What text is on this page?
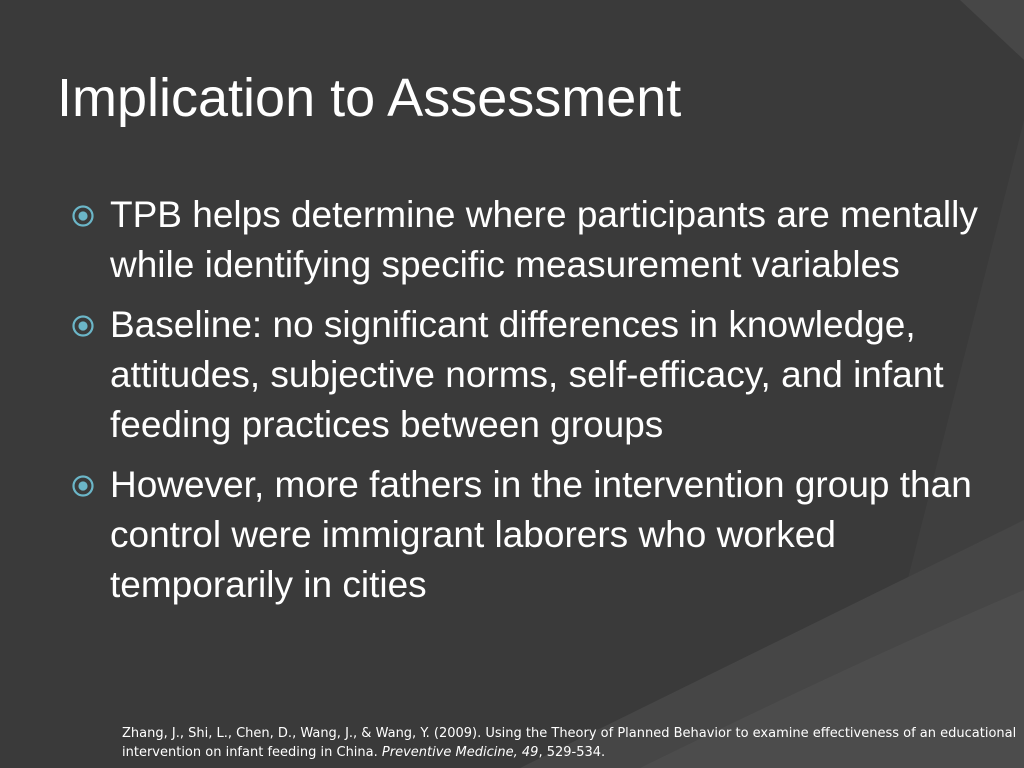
Implication to Assessment
TPB helps determine where participants are mentally while identifying specific measurement variables
Baseline: no significant differences in knowledge, attitudes, subjective norms, self-efficacy, and infant feeding practices between groups
However, more fathers in the intervention group than control were immigrant laborers who worked temporarily in cities
Zhang, J., Shi, L., Chen, D., Wang, J., & Wang, Y. (2009). Using the Theory of Planned Behavior to examine effectiveness of an educational intervention on infant feeding in China. Preventive Medicine, 49, 529-534.
